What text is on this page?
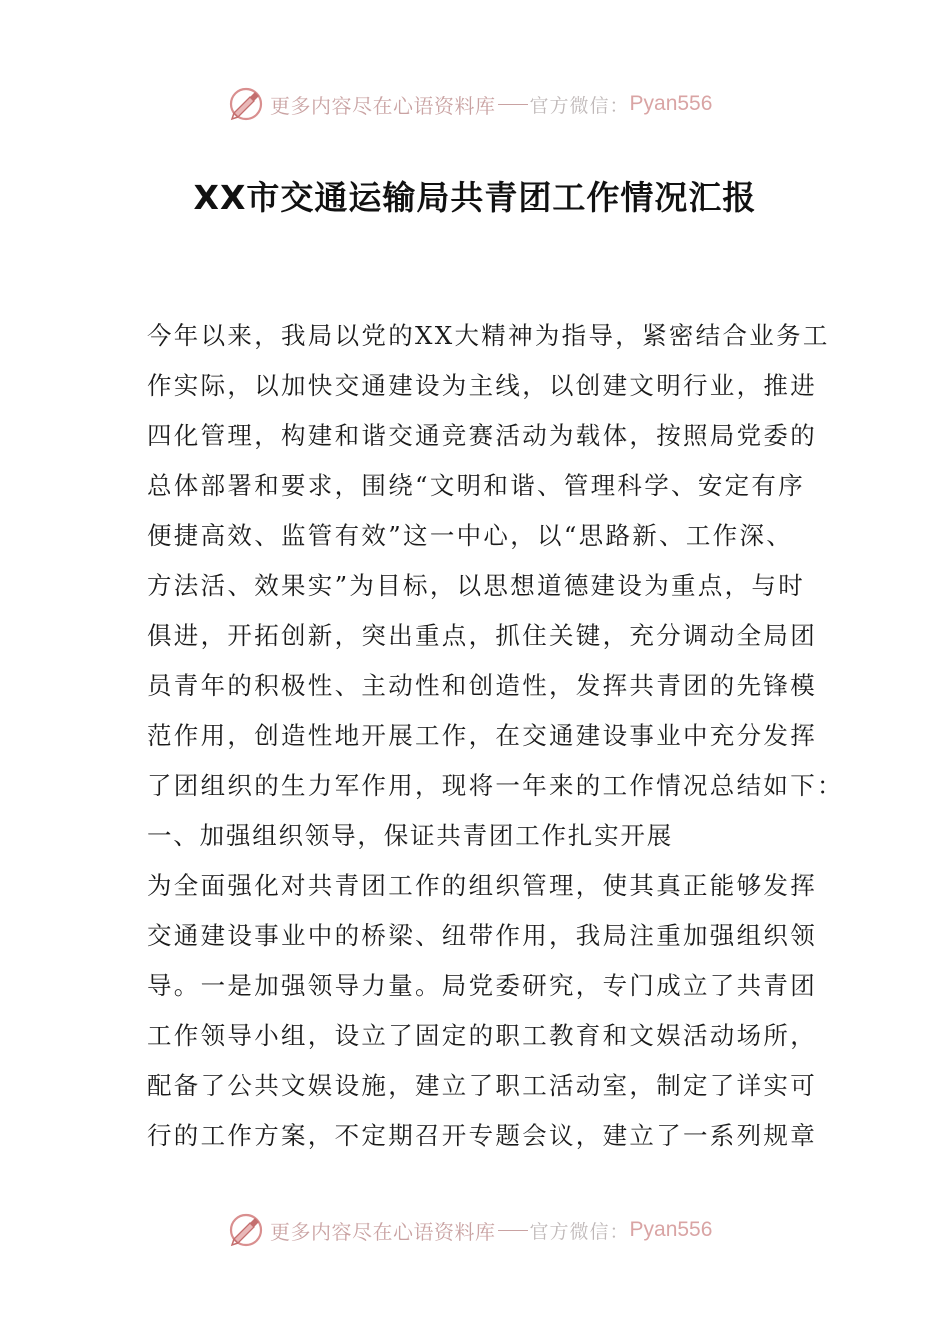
更多内容尽在心语资料库 官方微信： Pyan556
XX市交通运输局共青团工作情况汇报
今年以来，我局以党的XX大精神为指导，紧密结合业务工
作实际，以加快交通建设为主线，以创建文明行业，推进
四化管理，构建和谐交通竞赛活动为载体，按照局党委的
总体部署和要求，围绕“文明和谐、管理科学、安定有序
便捷高效、监管有效”这一中心，以“思路新、工作深、
方法活、效果实”为目标，以思想道德建设为重点，与时
俱进，开拓创新，突出重点，抓住关键，充分调动全局团
员青年的积极性、主动性和创造性，发挥共青团的先锋模
范作用，创造性地开展工作，在交通建设事业中充分发挥
了团组织的生力军作用，现将一年来的工作情况总结如下：
一、加强组织领导，保证共青团工作扎实开展
为全面强化对共青团工作的组织管理，使其真正能够发挥
交通建设事业中的桥梁、纽带作用，我局注重加强组织领
导。一是加强领导力量。局党委研究，专门成立了共青团
工作领导小组，设立了固定的职工教育和文娱活动场所，
配备了公共文娱设施，建立了职工活动室，制定了详实可
行的工作方案，不定期召开专题会议，建立了一系列规章
更多内容尽在心语资料库 官方微信： Pyan556
